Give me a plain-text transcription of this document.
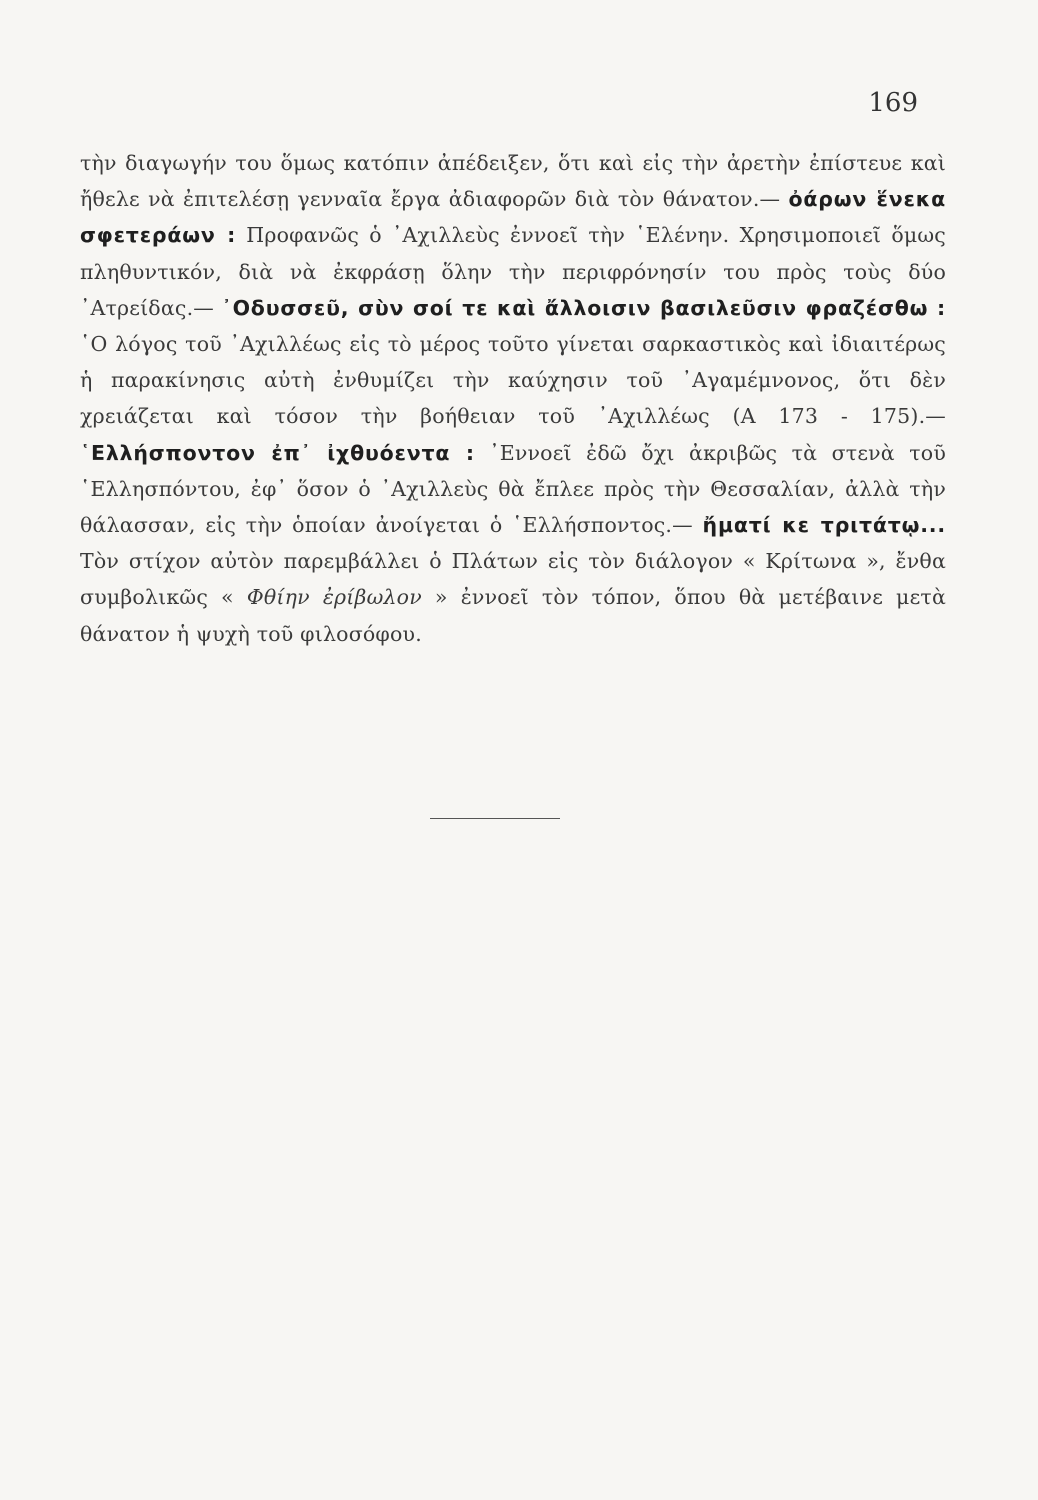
169
τὴν διαγωγήν του ὅμως κατόπιν ἀπέδειξεν, ὅτι καὶ εἰς τὴν ἀρετὴν ἐπίστευε καὶ ἤθελε νὰ ἐπιτελέσῃ γενναῖα ἔργα ἀδιαφορῶν διὰ τὸν θάνατον.— ὀάρων ἕνεκα σφετεράων : Προφανῶς ὁ ᾿Αχιλλεὺς ἐννοεῖ τὴν ῾Ελένην. Χρησιμοποιεῖ ὅμως πληθυντικόν, διὰ νὰ ἐκφράσῃ ὅλην τὴν περιφρόνησίν του πρὸς τοὺς δύο ᾿Ατρείδας.— ᾿Οδυσσεῦ, σὺν σοί τε καὶ ἄλλοισιν βασιλεῦσιν φραζέσθω : ῾Ο λόγος τοῦ ᾿Αχιλλέως εἰς τὸ μέρος τοῦτο γίνεται σαρκαστικὸς καὶ ἰδιαιτέρως ἡ παρακίνησις αὐτὴ ἐνθυμίζει τὴν καύχησιν τοῦ ᾿Αγαμέμνονος, ὅτι δὲν χρειάζεται καὶ τόσον τὴν βοήθειαν τοῦ ᾿Αχιλλέως (Α 173 - 175).— ῾Ελλήσποντον ἐπ᾿ ἰχθυόεντα : ᾿Εννοεῖ ἐδῶ ὄχι ἀκριβῶς τὰ στενὰ τοῦ ῾Ελλησπόντου, ἐφ᾿ ὅσον ὁ ᾿Αχιλλεὺς θὰ ἔπλεε πρὸς τὴν Θεσσαλίαν, ἀλλὰ τὴν θάλασσαν, εἰς τὴν ὁποίαν ἀνοίγεται ὁ ῾Ελλήσποντος.— ἤματί κε τριτάτῳ... Τὸν στίχον αὐτὸν παρεμβάλλει ὁ Πλάτων εἰς τὸν διάλογον « Κρίτωνα », ἔνθα συμβολικῶς « Φθίην ἐρίβωλον » ἐννοεῖ τὸν τόπον, ὅπου θὰ μετέβαινε μετὰ θάνατον ἡ ψυχὴ τοῦ φιλοσόφου.
